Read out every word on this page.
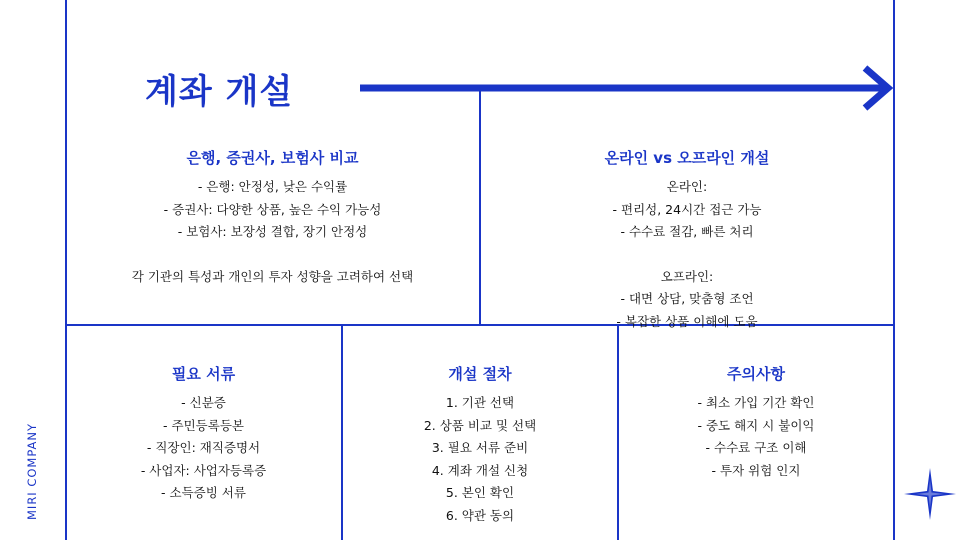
계좌 개설
은행, 증권사, 보험사 비교
- 은행: 안정성, 낮은 수익률
- 증권사: 다양한 상품, 높은 수익 가능성
- 보험사: 보장성 결합, 장기 안정성
각 기관의 특성과 개인의 투자 성향을 고려하여 선택
온라인 vs 오프라인 개설
온라인:
- 편리성, 24시간 접근 가능
- 수수료 절감, 빠른 처리
오프라인:
- 대면 상담, 맞춤형 조언
- 복잡한 상품 이해에 도움
필요 서류
- 신분증
- 주민등록등본
- 직장인: 재직증명서
- 사업자: 사업자등록증
- 소득증빙 서류
개설 절차
1. 기관 선택
2. 상품 비교 및 선택
3. 필요 서류 준비
4. 계좌 개설 신청
5. 본인 확인
6. 약관 동의
주의사항
- 최소 가입 기간 확인
- 중도 해지 시 불이익
- 수수료 구조 이해
- 투자 위험 인지
MIRI COMPANY
